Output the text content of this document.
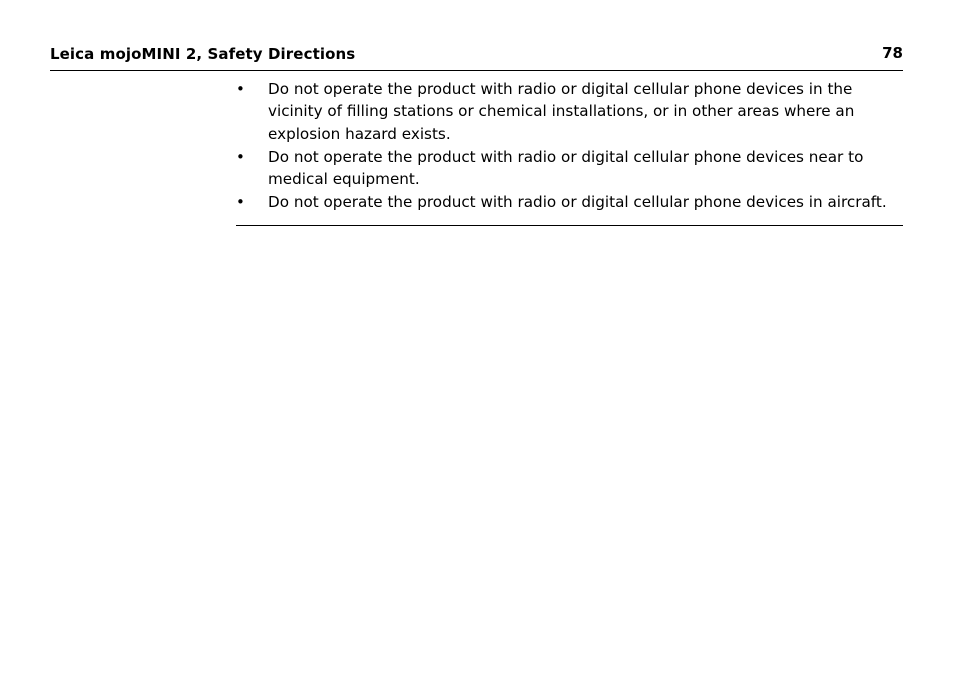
Leica mojoMINI 2, Safety Directions	78
• Do not operate the product with radio or digital cellular phone devices in the vicinity of filling stations or chemical installations, or in other areas where an explosion hazard exists.
• Do not operate the product with radio or digital cellular phone devices near to medical equipment.
• Do not operate the product with radio or digital cellular phone devices in aircraft.
